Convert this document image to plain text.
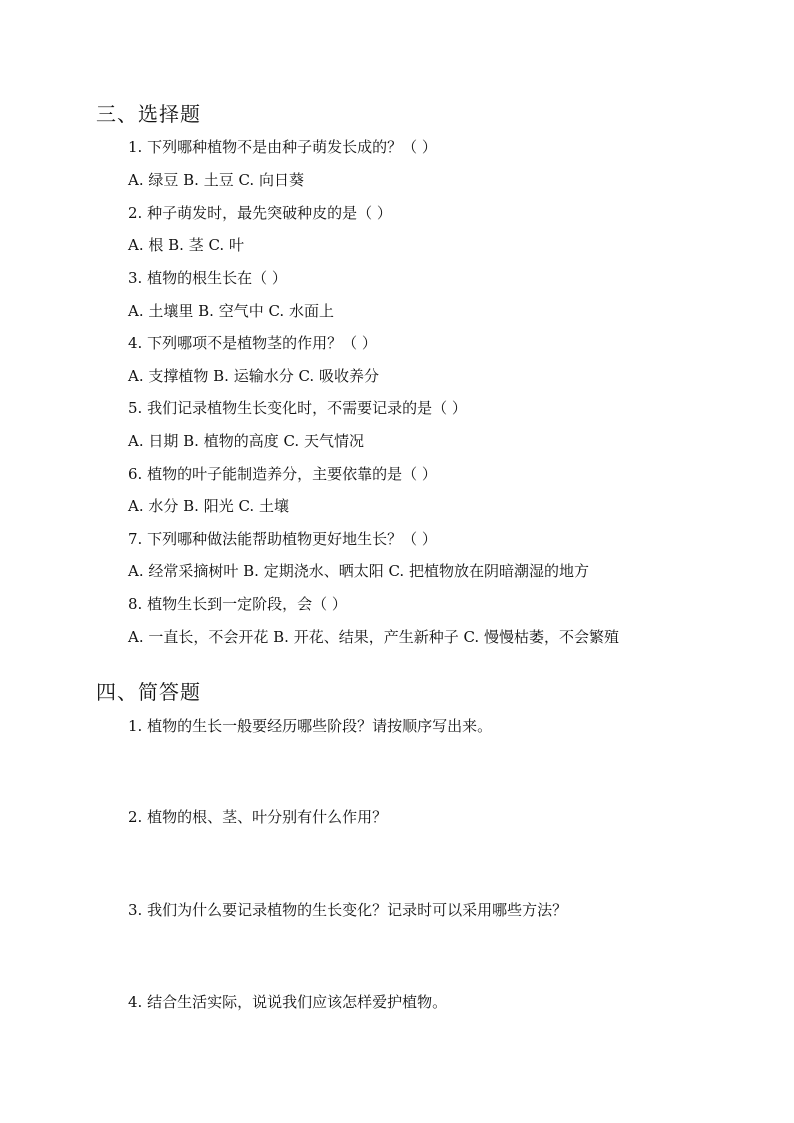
三、选择题
1. 下列哪种植物不是由种子萌发长成的？（ ）
A. 绿豆 B. 土豆 C. 向日葵
2. 种子萌发时，最先突破种皮的是（ ）
A. 根 B. 茎 C. 叶
3. 植物的根生长在（ ）
A. 土壤里 B. 空气中 C. 水面上
4. 下列哪项不是植物茎的作用？（ ）
A. 支撑植物 B. 运输水分 C. 吸收养分
5. 我们记录植物生长变化时，不需要记录的是（ ）
A. 日期 B. 植物的高度 C. 天气情况
6. 植物的叶子能制造养分，主要依靠的是（ ）
A. 水分 B. 阳光 C. 土壤
7. 下列哪种做法能帮助植物更好地生长？（ ）
A. 经常采摘树叶 B. 定期浇水、晒太阳 C. 把植物放在阴暗潮湿的地方
8. 植物生长到一定阶段，会（ ）
A. 一直长，不会开花 B. 开花、结果，产生新种子 C. 慢慢枯萎，不会繁殖
四、简答题
1. 植物的生长一般要经历哪些阶段？请按顺序写出来。
2. 植物的根、茎、叶分别有什么作用？
3. 我们为什么要记录植物的生长变化？记录时可以采用哪些方法？
4. 结合生活实际，说说我们应该怎样爱护植物。
